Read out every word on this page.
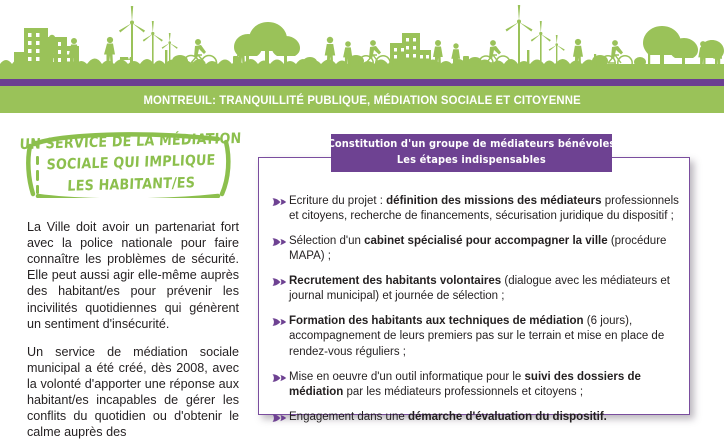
MONTREUIL: TRANQUILLITÉ PUBLIQUE, MÉDIATION SOCIALE ET CITOYENNE
UN SERVICE DE LA MÉDIATION
SOCIALE QUI IMPLIQUE
LES HABITANT/ES

La Ville doit avoir un partenariat fort avec la police nationale pour faire connaître les problèmes de sécurité. Elle peut aussi agir elle-même auprès des habitant/es pour prévenir les incivilités quotidiennes qui génèrent un sentiment d'insécurité.

Un service de médiation sociale municipal a été créé, dès 2008, avec la volonté d'apporter une réponse aux habitant/es incapables de gérer les conflits du quotidien ou d'obtenir le calme auprès des

Constitution d'un groupe de médiateurs bénévoles
Les étapes indispensables
Ecriture du projet : définition des missions des médiateurs professionnels et citoyens, recherche de financements, sécurisation juridique du dispositif ;
Sélection d'un cabinet spécialisé pour accompagner la ville (procédure MAPA) ;
Recrutement des habitants volontaires (dialogue avec les médiateurs et journal municipal) et journée de sélection ;
Formation des habitants aux techniques de médiation (6 jours), accompagnement de leurs premiers pas sur le terrain et mise en place de rendez-vous réguliers ;
Mise en oeuvre d'un outil informatique pour le suivi des dossiers de médiation par les médiateurs professionnels et citoyens ;
Engagement dans une démarche d'évaluation du dispositif.
